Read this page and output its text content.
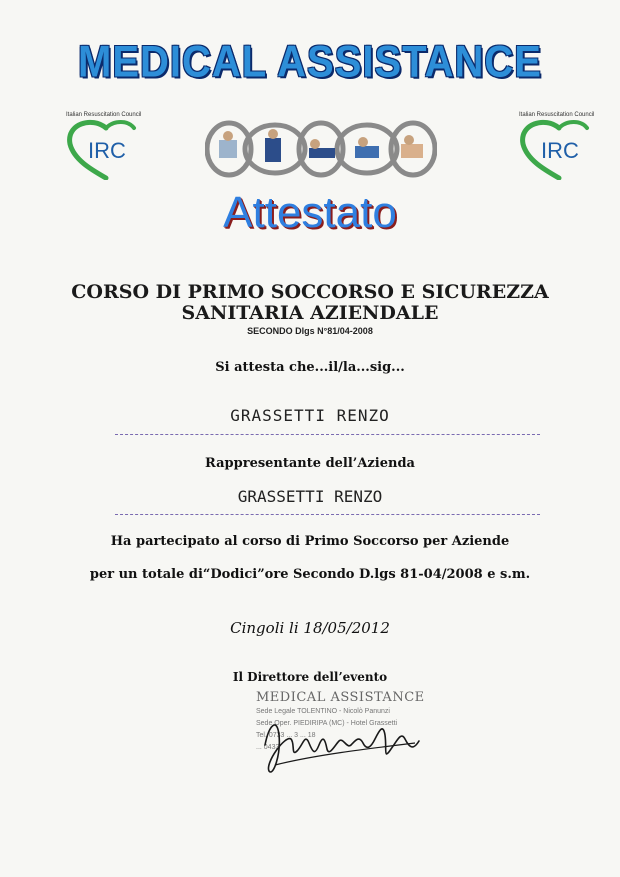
MEDICAL ASSISTANCE
Italian Resuscitation Council
IRC
Italian Resuscitation Council
IRC
Attestato
CORSO DI PRIMO SOCCORSO E SICUREZZA
SANITARIA AZIENDALE
SECONDO Dlgs N°81/04-2008
Si attesta che...il/la...sig...
GRASSETTI RENZO
Rappresentante dell’Azienda
GRASSETTI RENZO
Ha partecipato al corso di Primo Soccorso per Aziende
per un totale di“Dodici”ore Secondo D.lgs 81-04/2008 e s.m.
Cingoli li 18/05/2012
Il Direttore dell’evento
MEDICAL ASSISTANCE
Sede Legale TOLENTINO - Nicolò Panunzi
Sede Oper. PIEDIRIPA (MC) - Hotel Grassetti
Tel. 0733 ... 3 ... 18
... 0433
